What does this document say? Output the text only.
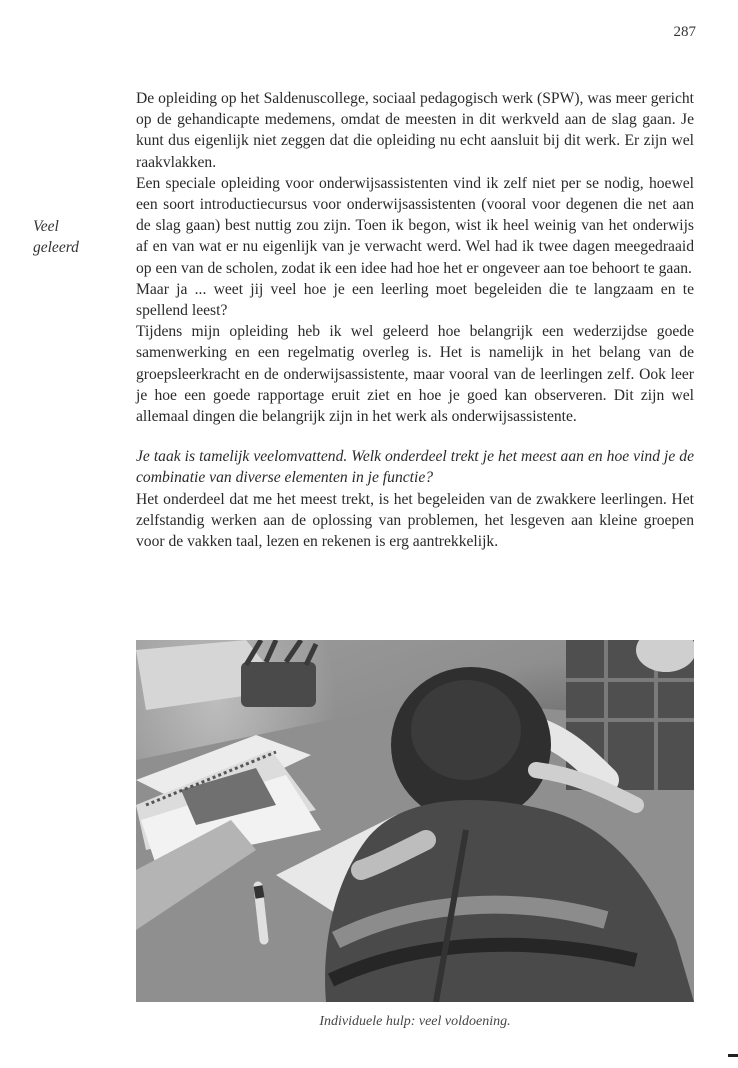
287
Veel
geleerd

De opleiding op het Saldenuscollege, sociaal pedagogisch werk (SPW), was meer gericht op de gehandicapte medemens, omdat de meesten in dit werkveld aan de slag gaan. Je kunt dus eigenlijk niet zeggen dat die opleiding nu echt aansluit bij dit werk. Er zijn wel raakvlakken.

Een speciale opleiding voor onderwijsassistenten vind ik zelf niet per se nodig, hoewel een soort introductiecursus voor onderwijsassistenten (vooral voor degenen die net aan de slag gaan) best nuttig zou zijn. Toen ik begon, wist ik heel weinig van het onderwijs af en van wat er nu eigenlijk van je verwacht werd. Wel had ik twee dagen meegedraaid op een van de scholen, zodat ik een idee had hoe het er ongeveer aan toe behoort te gaan.

Maar ja ... weet jij veel hoe je een leerling moet begeleiden die te langzaam en te spellend leest?

Tijdens mijn opleiding heb ik wel geleerd hoe belangrijk een wederzijdse goede samenwerking en een regelmatig overleg is. Het is namelijk in het belang van de groepsleerkracht en de onderwijsassistente, maar vooral van de leerlingen zelf. Ook leer je hoe een goede rapportage eruit ziet en hoe je goed kan observeren. Dit zijn wel allemaal dingen die belangrijk zijn in het werk als onderwijsassistente.

Je taak is tamelijk veelomvattend. Welk onderdeel trekt je het meest aan en hoe vind je de combinatie van diverse elementen in je functie?

Het onderdeel dat me het meest trekt, is het begeleiden van de zwakkere leerlingen. Het zelfstandig werken aan de oplossing van problemen, het lesgeven aan kleine groepen voor de vakken taal, lezen en rekenen is erg aantrekkelijk.

Individuele hulp: veel voldoening.
